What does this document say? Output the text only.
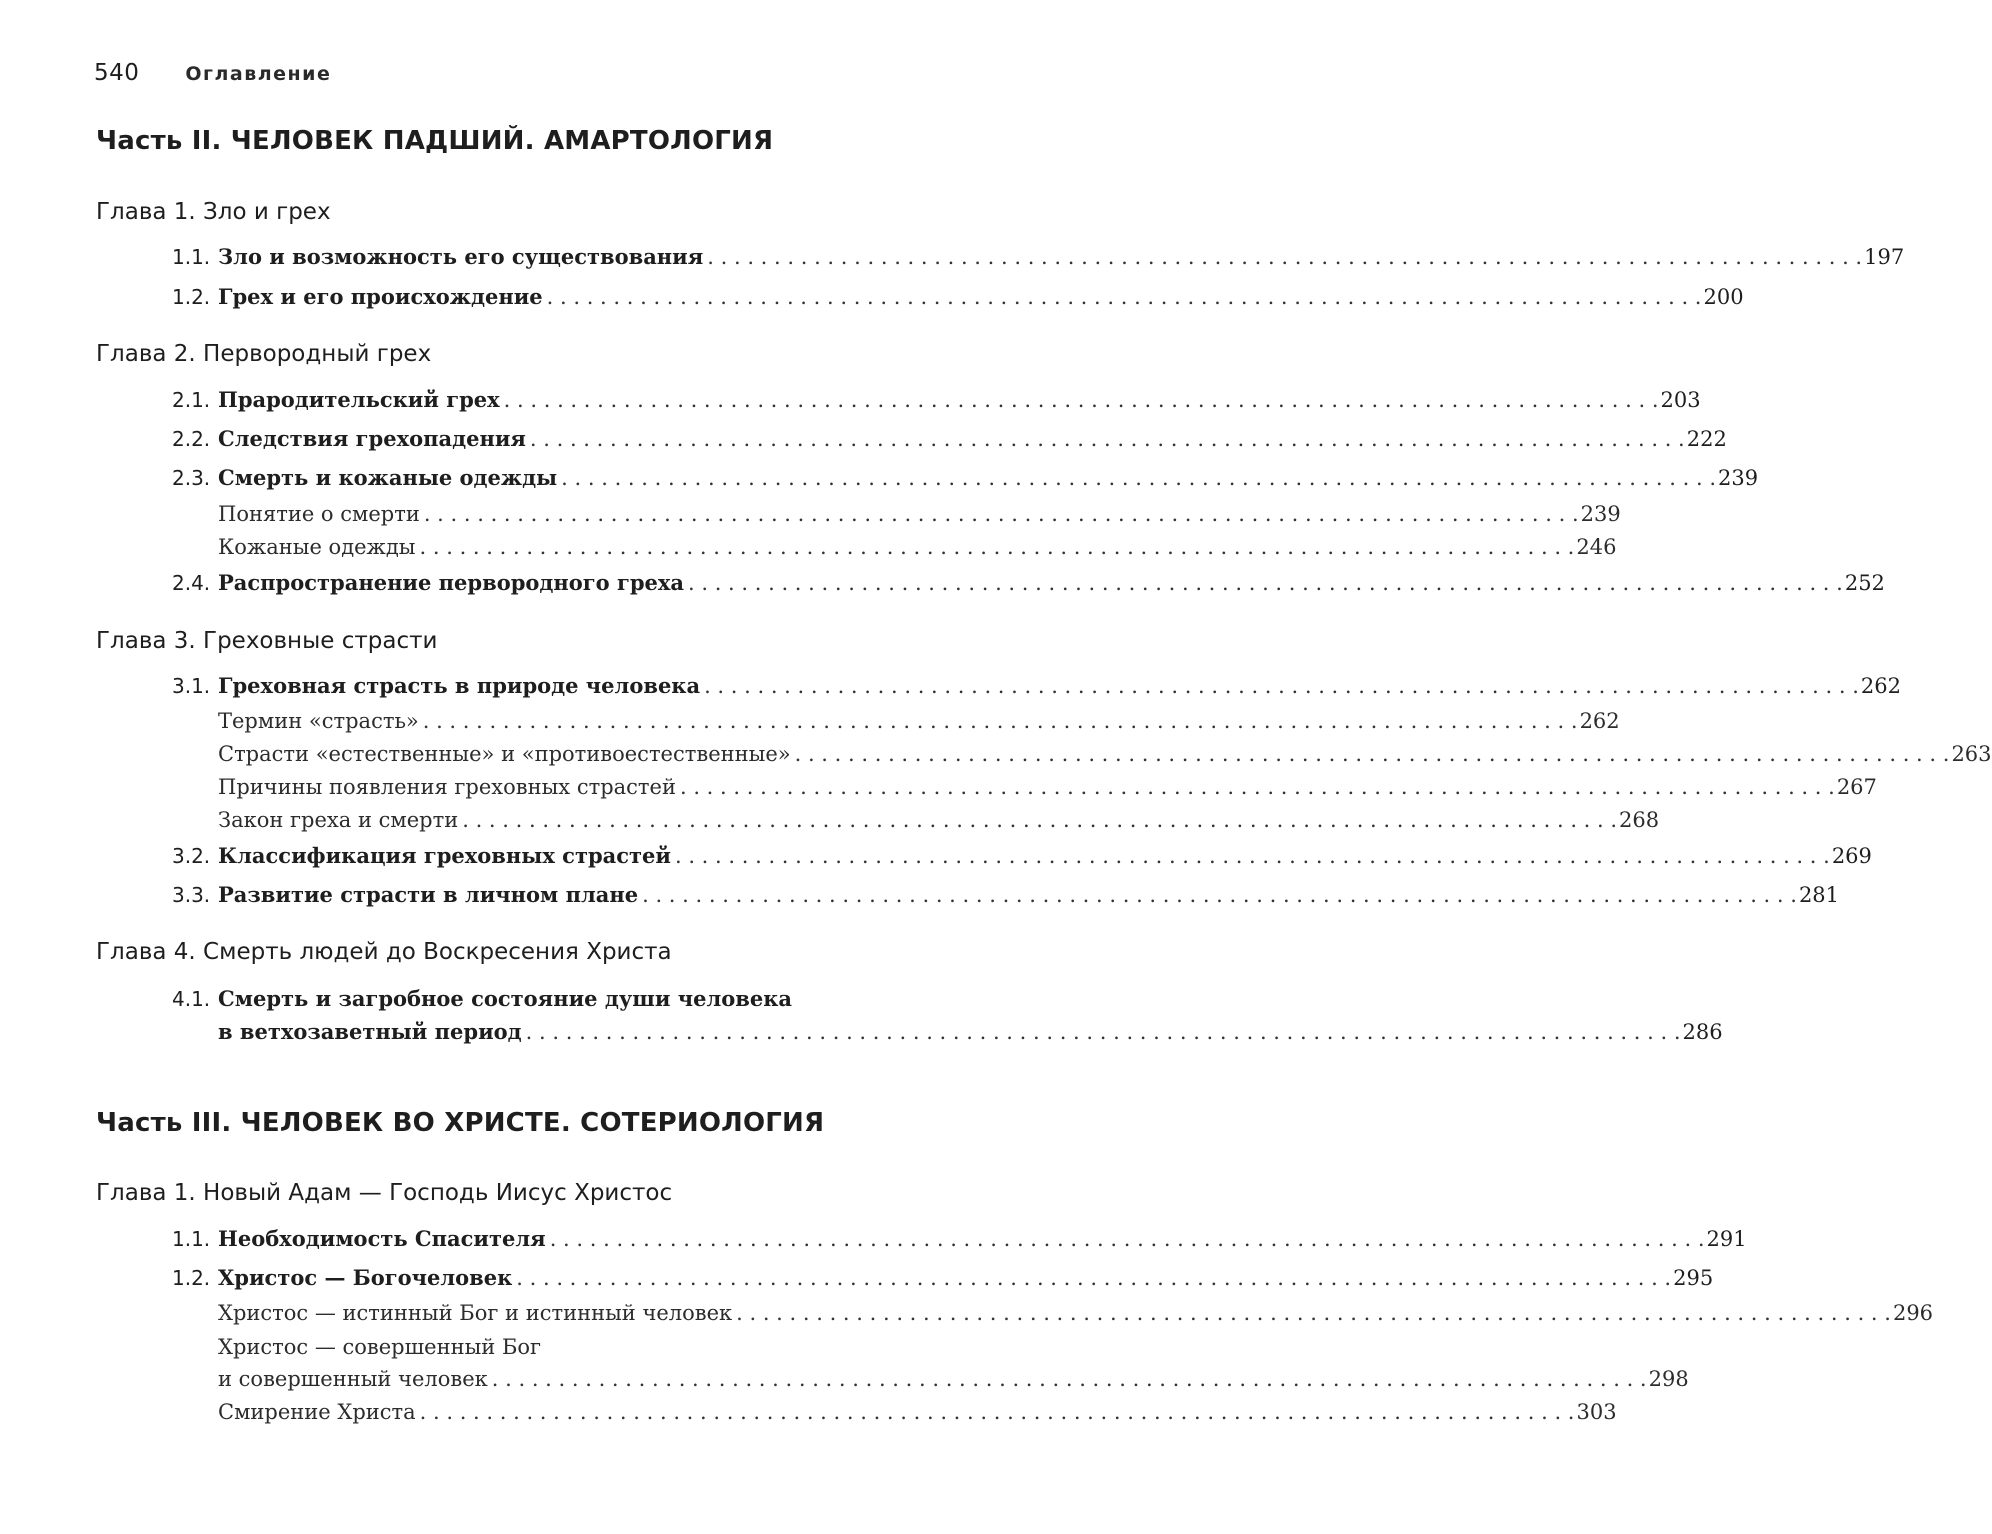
540 Оглавление
Часть II. ЧЕЛОВЕК ПАДШИЙ. АМАРТОЛОГИЯ
Глава 1. Зло и грех
1.1. Зло и возможность его существования . . .	197
1.2. Грех и его происхождение . . .	200
Глава 2. Первородный грех
2.1. Прародительский грех . . .	203
2.2. Следствия грехопадения . . .	222
2.3. Смерть и кожаные одежды . . .	239
Понятие о смерти . . .	239
Кожаные одежды . . .	246
2.4. Распространение первородного греха . . .	252
Глава 3. Греховные страсти
3.1. Греховная страсть в природе человека . . .	262
Термин «страсть» . . .	262
Страсти «естественные» и «противоестественные» . . .	263
Причины появления греховных страстей . . .	267
Закон греха и смерти . . .	268
3.2. Классификация греховных страстей . . .	269
3.3. Развитие страсти в личном плане . . .	281
Глава 4. Смерть людей до Воскресения Христа
4.1. Смерть и загробное состояние души человека
в ветхозаветный период . . .	286
Часть III. ЧЕЛОВЕК ВО ХРИСТЕ. СОТЕРИОЛОГИЯ
Глава 1. Новый Адам — Господь Иисус Христос
1.1. Необходимость Спасителя . . .	291
1.2. Христос — Богочеловек . . .	295
Христос — истинный Бог и истинный человек . . .	296
Христос — совершенный Бог
и совершенный человек . . .	298
Смирение Христа . . .	303
